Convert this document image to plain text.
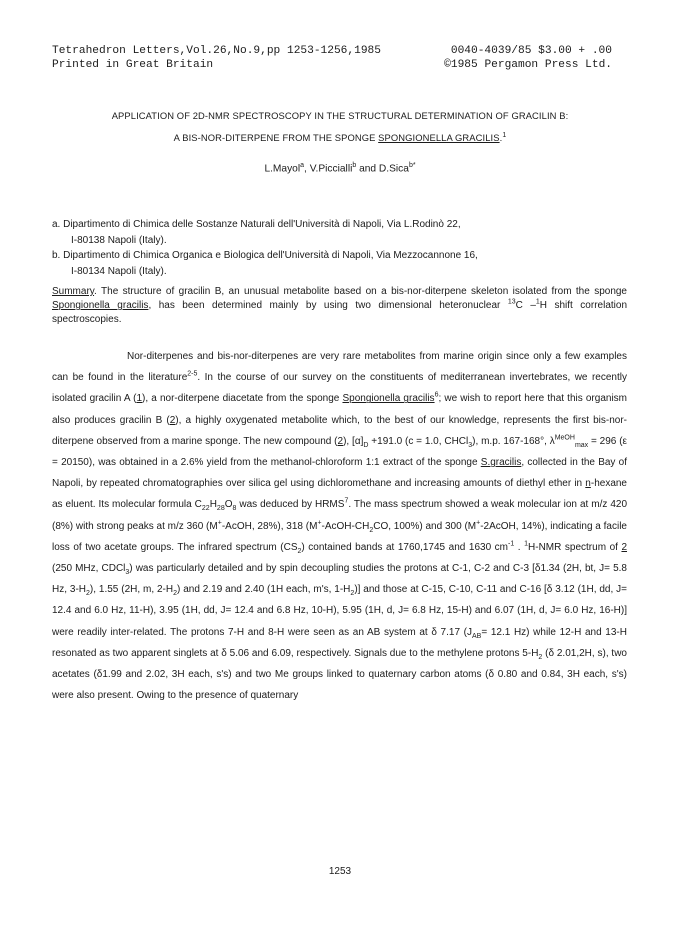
Tetrahedron Letters,Vol.26,No.9,pp 1253-1256,1985	0040-4039/85 $3.00 + .00
Printed in Great Britain	©1985 Pergamon Press Ltd.
APPLICATION OF 2D-NMR SPECTROSCOPY IN THE STRUCTURAL DETERMINATION OF GRACILIN B:
A BIS-NOR-DITERPENE FROM THE SPONGE SPONGIONELLA GRACILIS.$^1$
L.Mayol$^a$, V.Piccialli$^b$ and D.Sica$^{b*}$
a. Dipartimento di Chimica delle Sostanze Naturali dell'Università di Napoli, Via L.Rodinò 22,
I-80138 Napoli (Italy).
b. Dipartimento di Chimica Organica e Biologica dell'Università di Napoli, Via Mezzocannone 16,
I-80134 Napoli (Italy).
Summary. The structure of gracilin B, an unusual metabolite based on a bis-nor-diterpene skeleton isolated from the sponge Spongionella gracilis, has been determined mainly by using two dimensional heteronuclear $^{13}$C –$^1$H shift correlation spectroscopies.
Nor-diterpenes and bis-nor-diterpenes are very rare metabolites from marine origin since only a few examples can be found in the literature$^{2-5}$. In the course of our survey on the constituents of mediterranean invertebrates, we recently isolated gracilin A (1), a nor-diterpene diacetate from the sponge Spongionella gracilis$^6$; we wish to report here that this organism also produces gracilin B (2), a highly oxygenated metabolite which, to the best of our knowledge, represents the first bis-nor-diterpene observed from a marine sponge. The new compound (2), $[\alpha]_D +191.0$ (c = 1.0, CHCl$_3$), m.p. 167-168°, $\lambda^{MeOH}_{max} = 296$ (ε = 20150), was obtained in a 2.6% yield from the methanol-chloroform 1:1 extract of the sponge S.gracilis, collected in the Bay of Napoli, by repeated chromatographies over silica gel using dichloromethane and increasing amounts of diethyl ether in n-hexane as eluent. Its molecular formula $C_{22}H_{28}O_8$ was deduced by HRMS$^7$. The mass spectrum showed a weak molecular ion at m/z 420 (8%) with strong peaks at m/z 360 (M+-AcOH, 28%), 318 ($M^+-AcOH-CH_2CO$, 100%) and 300 (M+-2AcOH, 14%), indicating a facile loss of two acetate groups. The infrared spectrum $(CS_2)$ contained bands at 1760,1745 and 1630 $cm^{-1}$ . $^1$H-NMR spectrum of 2 (250 MHz, CDCl$_3$) was particularly detailed and by spin decoupling studies the protons at C-1, C-2 and C-3 [δ1.34 (2H, bt, J= 5.8 Hz, $3-H_2$), 1.55 (2H, m, $2-H_2$) and 2.19 and 2.40 (1H each, m's, $1-H_2$)] and those at C-15, C-10, C-11 and C-16 [δ 3.12 (1H, dd, J= 12.4 and 6.0 Hz, 11-H), 3.95 (1H, dd, J= 12.4 and 6.8 Hz, 10-H), 5.95 (1H, d, J= 6.8 Hz, 15-H) and 6.07 (1H, d, J= 6.0 Hz, 16-H)] were readily inter-related. The protons 7-H and 8-H were seen as an AB system at δ 7.17 ($J_{AB}= 12.1$ Hz) while 12-H and 13-H resonated as two apparent singlets at δ 5.06 and 6.09, respectively. Signals due to the methylene protons $5-H_2$ (δ 2.01,2H, s), two acetates (δ1.99 and 2.02, 3H each, s's) and two Me groups linked to quaternary carbon atoms (δ 0.80 and 0.84, 3H each, s's) were also present. Owing to the presence of quaternary
1253
